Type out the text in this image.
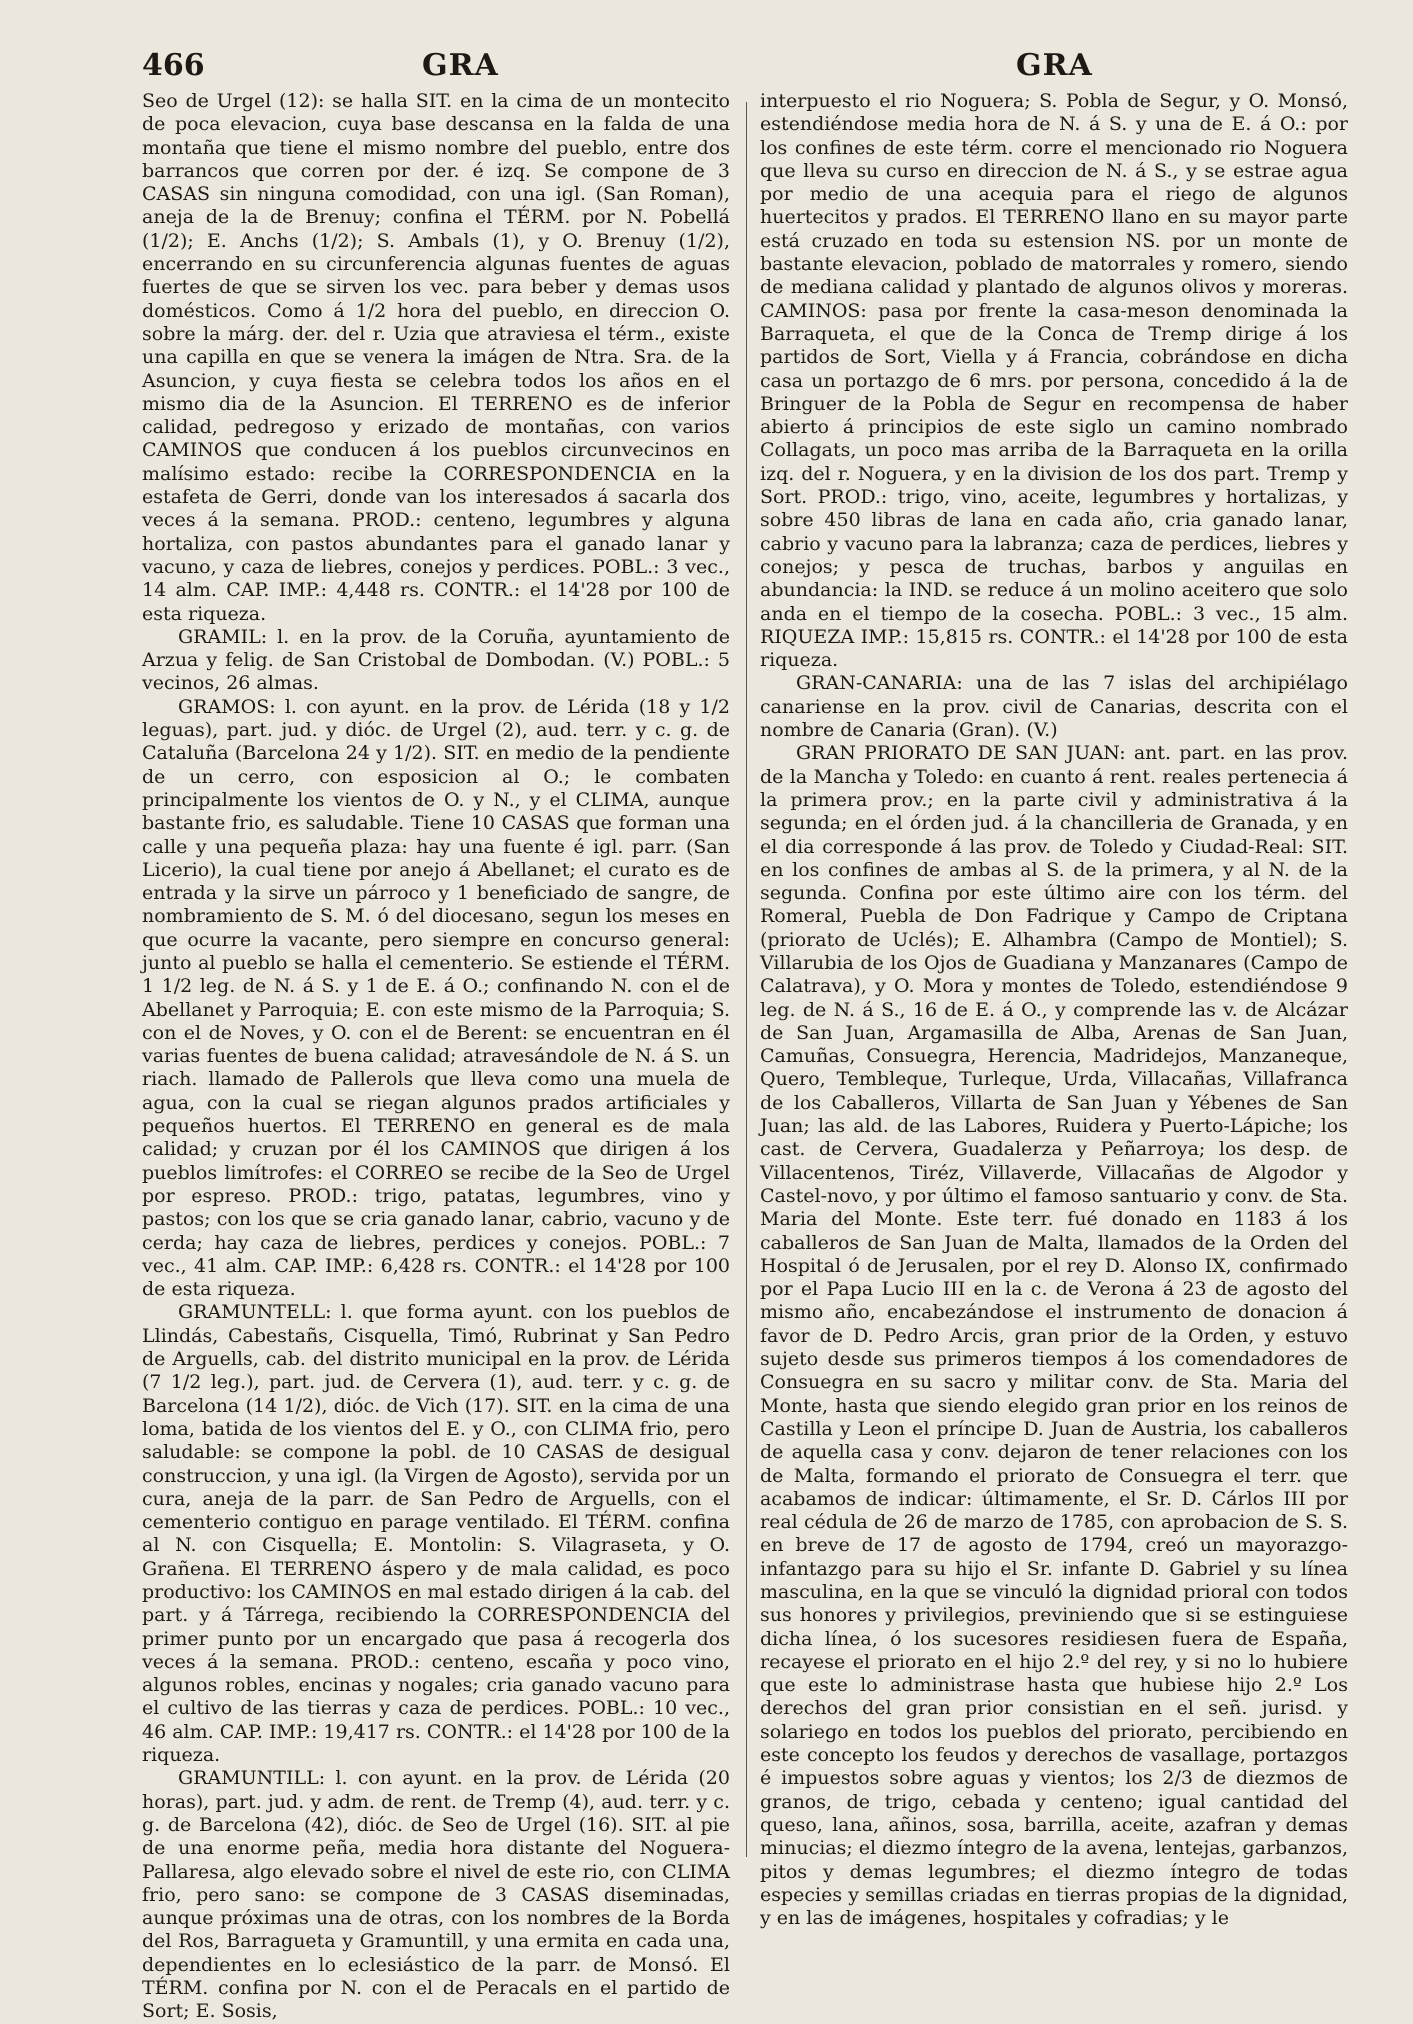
466	GRA	GRA

Seo de Urgel (12): se halla SIT. en la cima de un montecito de poca elevacion, cuya base descansa en la falda de una montaña que tiene el mismo nombre del pueblo, entre dos barrancos que corren por der. é izq. Se compone de 3 CASAS sin ninguna comodidad, con una igl. (San Roman), aneja de la de Brenuy; confina el TÉRM. por N. Pobellá (1/2); E. Anchs (1/2); S. Ambals (1), y O. Brenuy (1/2), encerrando en su circunferencia algunas fuentes de aguas fuertes de que se sirven los vec. para beber y demas usos domésticos. Como á 1/2 hora del pueblo, en direccion O. sobre la márg. der. del r. Uzia que atraviesa el térm., existe una capilla en que se venera la imágen de Ntra. Sra. de la Asuncion, y cuya fiesta se celebra todos los años en el mismo dia de la Asuncion. El TERRENO es de inferior calidad, pedregoso y erizado de montañas, con varios CAMINOS que conducen á los pueblos circunvecinos en malísimo estado: recibe la CORRESPONDENCIA en la estafeta de Gerri, donde van los interesados á sacarla dos veces á la semana. PROD.: centeno, legumbres y alguna hortaliza, con pastos abundantes para el ganado lanar y vacuno, y caza de liebres, conejos y perdices. POBL.: 3 vec., 14 alm. CAP. IMP.: 4,448 rs. CONTR.: el 14'28 por 100 de esta riqueza.

GRAMIL: l. en la prov. de la Coruña, ayuntamiento de Arzua y felig. de San Cristobal de Dombodan. (V.) POBL.: 5 vecinos, 26 almas.

GRAMOS: l. con ayunt. en la prov. de Lérida (18 y 1/2 leguas), part. jud. y dióc. de Urgel (2), aud. terr. y c. g. de Cataluña (Barcelona 24 y 1/2). SIT. en medio de la pendiente de un cerro, con esposicion al O.; le combaten principalmente los vientos de O. y N., y el CLIMA, aunque bastante frio, es saludable. Tiene 10 CASAS que forman una calle y una pequeña plaza: hay una fuente é igl. parr. (San Licerio), la cual tiene por anejo á Abellanet; el curato es de entrada y la sirve un párroco y 1 beneficiado de sangre, de nombramiento de S. M. ó del diocesano, segun los meses en que ocurre la vacante, pero siempre en concurso general: junto al pueblo se halla el cementerio. Se estiende el TÉRM. 1 1/2 leg. de N. á S. y 1 de E. á O.; confinando N. con el de Abellanet y Parroquia; E. con este mismo de la Parroquia; S. con el de Noves, y O. con el de Berent: se encuentran en él varias fuentes de buena calidad; atravesándole de N. á S. un riach. llamado de Pallerols que lleva como una muela de agua, con la cual se riegan algunos prados artificiales y pequeños huertos. El TERRENO en general es de mala calidad; y cruzan por él los CAMINOS que dirigen á los pueblos limítrofes: el CORREO se recibe de la Seo de Urgel por espreso. PROD.: trigo, patatas, legumbres, vino y pastos; con los que se cria ganado lanar, cabrio, vacuno y de cerda; hay caza de liebres, perdices y conejos. POBL.: 7 vec., 41 alm. CAP. IMP.: 6,428 rs. CONTR.: el 14'28 por 100 de esta riqueza.

GRAMUNTELL: l. que forma ayunt. con los pueblos de Llindás, Cabestañs, Cisquella, Timó, Rubrinat y San Pedro de Arguells, cab. del distrito municipal en la prov. de Lérida (7 1/2 leg.), part. jud. de Cervera (1), aud. terr. y c. g. de Barcelona (14 1/2), dióc. de Vich (17). SIT. en la cima de una loma, batida de los vientos del E. y O., con CLIMA frio, pero saludable: se compone la pobl. de 10 CASAS de desigual construccion, y una igl. (la Virgen de Agosto), servida por un cura, aneja de la parr. de San Pedro de Arguells, con el cementerio contiguo en parage ventilado. El TÉRM. confina al N. con Cisquella; E. Montolin: S. Vilagraseta, y O. Grañena. El TERRENO áspero y de mala calidad, es poco productivo: los CAMINOS en mal estado dirigen á la cab. del part. y á Tárrega, recibiendo la CORRESPONDENCIA del primer punto por un encargado que pasa á recogerla dos veces á la semana. PROD.: centeno, escaña y poco vino, algunos robles, encinas y nogales; cria ganado vacuno para el cultivo de las tierras y caza de perdices. POBL.: 10 vec., 46 alm. CAP. IMP.: 19,417 rs. CONTR.: el 14'28 por 100 de la riqueza.

GRAMUNTILL: l. con ayunt. en la prov. de Lérida (20 horas), part. jud. y adm. de rent. de Tremp (4), aud. terr. y c. g. de Barcelona (42), dióc. de Seo de Urgel (16). SIT. al pie de una enorme peña, media hora distante del Noguera-Pallaresa, algo elevado sobre el nivel de este rio, con CLIMA frio, pero sano: se compone de 3 CASAS diseminadas, aunque próximas una de otras, con los nombres de la Borda del Ros, Barragueta y Gramuntill, y una ermita en cada una, dependientes en lo eclesiástico de la parr. de Monsó. El TÉRM. confina por N. con el de Peracals en el partido de Sort; E. Sosis,

interpuesto el rio Noguera; S. Pobla de Segur, y O. Monsó, estendiéndose media hora de N. á S. y una de E. á O.: por los confines de este térm. corre el mencionado rio Noguera que lleva su curso en direccion de N. á S., y se estrae agua por medio de una acequia para el riego de algunos huertecitos y prados. El TERRENO llano en su mayor parte está cruzado en toda su estension NS. por un monte de bastante elevacion, poblado de matorrales y romero, siendo de mediana calidad y plantado de algunos olivos y moreras. CAMINOS: pasa por frente la casa-meson denominada la Barraqueta, el que de la Conca de Tremp dirige á los partidos de Sort, Viella y á Francia, cobrándose en dicha casa un portazgo de 6 mrs. por persona, concedido á la de Bringuer de la Pobla de Segur en recompensa de haber abierto á principios de este siglo un camino nombrado Collagats, un poco mas arriba de la Barraqueta en la orilla izq. del r. Noguera, y en la division de los dos part. Tremp y Sort. PROD.: trigo, vino, aceite, legumbres y hortalizas, y sobre 450 libras de lana en cada año, cria ganado lanar, cabrio y vacuno para la labranza; caza de perdices, liebres y conejos; y pesca de truchas, barbos y anguilas en abundancia: la IND. se reduce á un molino aceitero que solo anda en el tiempo de la cosecha. POBL.: 3 vec., 15 alm. RIQUEZA IMP.: 15,815 rs. CONTR.: el 14'28 por 100 de esta riqueza.

GRAN-CANARIA: una de las 7 islas del archipiélago canariense en la prov. civil de Canarias, descrita con el nombre de Canaria (Gran). (V.)

GRAN PRIORATO DE SAN JUAN: ant. part. en las prov. de la Mancha y Toledo: en cuanto á rent. reales pertenecia á la primera prov.; en la parte civil y administrativa á la segunda; en el órden jud. á la chancilleria de Granada, y en el dia corresponde á las prov. de Toledo y Ciudad-Real: SIT. en los confines de ambas al S. de la primera, y al N. de la segunda. Confina por este último aire con los térm. del Romeral, Puebla de Don Fadrique y Campo de Criptana (priorato de Uclés); E. Alhambra (Campo de Montiel); S. Villarubia de los Ojos de Guadiana y Manzanares (Campo de Calatrava), y O. Mora y montes de Toledo, estendiéndose 9 leg. de N. á S., 16 de E. á O., y comprende las v. de Alcázar de San Juan, Argamasilla de Alba, Arenas de San Juan, Camuñas, Consuegra, Herencia, Madridejos, Manzaneque, Quero, Tembleque, Turleque, Urda, Villacañas, Villafranca de los Caballeros, Villarta de San Juan y Yébenes de San Juan; las ald. de las Labores, Ruidera y Puerto-Lápiche; los cast. de Cervera, Guadalerza y Peñarroya; los desp. de Villacentenos, Tiréz, Villaverde, Villacañas de Algodor y Castel-novo, y por último el famoso santuario y conv. de Sta. Maria del Monte. Este terr. fué donado en 1183 á los caballeros de San Juan de Malta, llamados de la Orden del Hospital ó de Jerusalen, por el rey D. Alonso IX, confirmado por el Papa Lucio III en la c. de Verona á 23 de agosto del mismo año, encabezándose el instrumento de donacion á favor de D. Pedro Arcis, gran prior de la Orden, y estuvo sujeto desde sus primeros tiempos á los comendadores de Consuegra en su sacro y militar conv. de Sta. Maria del Monte, hasta que siendo elegido gran prior en los reinos de Castilla y Leon el príncipe D. Juan de Austria, los caballeros de aquella casa y conv. dejaron de tener relaciones con los de Malta, formando el priorato de Consuegra el terr. que acabamos de indicar: últimamente, el Sr. D. Cárlos III por real cédula de 26 de marzo de 1785, con aprobacion de S. S. en breve de 17 de agosto de 1794, creó un mayorazgo-infantazgo para su hijo el Sr. infante D. Gabriel y su línea masculina, en la que se vinculó la dignidad prioral con todos sus honores y privilegios, previniendo que si se estinguiese dicha línea, ó los sucesores residiesen fuera de España, recayese el priorato en el hijo 2.º del rey, y si no lo hubiere que este lo administrase hasta que hubiese hijo 2.º Los derechos del gran prior consistian en el señ. jurisd. y solariego en todos los pueblos del priorato, percibiendo en este concepto los feudos y derechos de vasallage, portazgos é impuestos sobre aguas y vientos; los 2/3 de diezmos de granos, de trigo, cebada y centeno; igual cantidad del queso, lana, añinos, sosa, barrilla, aceite, azafran y demas minucias; el diezmo íntegro de la avena, lentejas, garbanzos, pitos y demas legumbres; el diezmo íntegro de todas especies y semillas criadas en tierras propias de la dignidad, y en las de imágenes, hospitales y cofradias; y le
